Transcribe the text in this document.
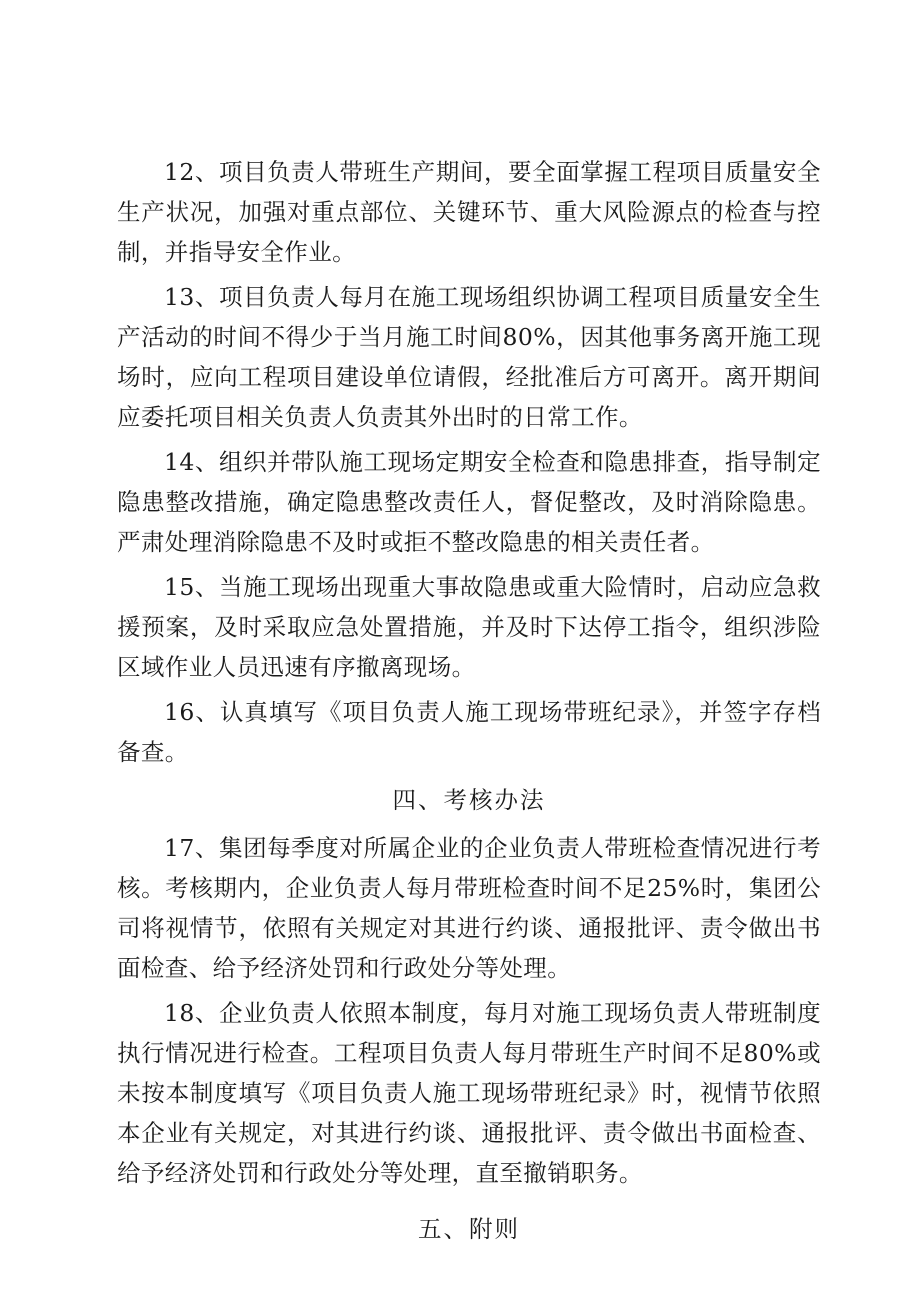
12、项目负责人带班生产期间，要全面掌握工程项目质量安全生产状况，加强对重点部位、关键环节、重大风险源点的检查与控制，并指导安全作业。

13、项目负责人每月在施工现场组织协调工程项目质量安全生产活动的时间不得少于当月施工时间80%，因其他事务离开施工现场时，应向工程项目建设单位请假，经批准后方可离开。离开期间应委托项目相关负责人负责其外出时的日常工作。

14、组织并带队施工现场定期安全检查和隐患排查，指导制定隐患整改措施，确定隐患整改责任人，督促整改，及时消除隐患。严肃处理消除隐患不及时或拒不整改隐患的相关责任者。

15、当施工现场出现重大事故隐患或重大险情时，启动应急救援预案，及时采取应急处置措施，并及时下达停工指令，组织涉险区域作业人员迅速有序撤离现场。

16、认真填写《项目负责人施工现场带班纪录》，并签字存档备查。

四、考核办法

17、集团每季度对所属企业的企业负责人带班检查情况进行考核。考核期内，企业负责人每月带班检查时间不足25%时，集团公司将视情节，依照有关规定对其进行约谈、通报批评、责令做出书面检查、给予经济处罚和行政处分等处理。

18、企业负责人依照本制度，每月对施工现场负责人带班制度执行情况进行检查。工程项目负责人每月带班生产时间不足80%或未按本制度填写《项目负责人施工现场带班纪录》时，视情节依照本企业有关规定，对其进行约谈、通报批评、责令做出书面检查、给予经济处罚和行政处分等处理，直至撤销职务。

五、附则
